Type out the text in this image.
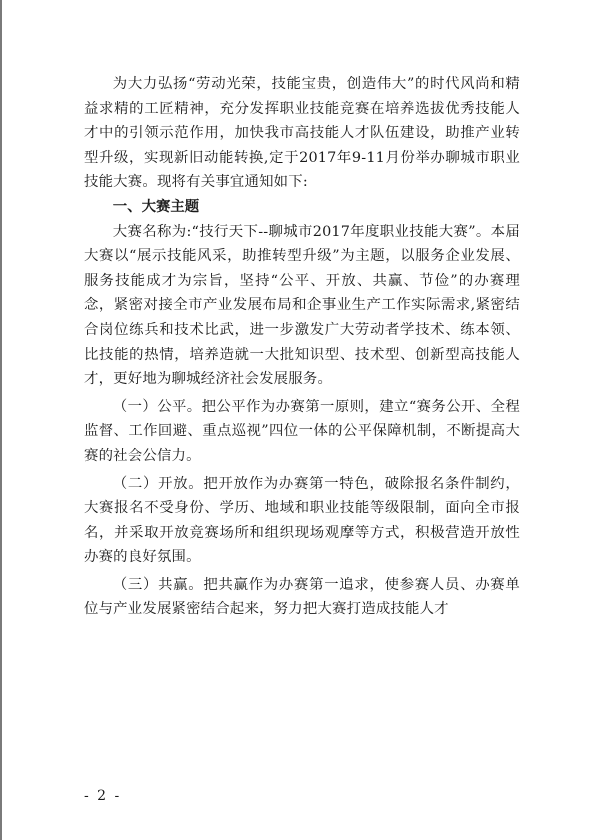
为大力弘扬“劳动光荣，技能宝贵，创造伟大”的时代风尚和精益求精的工匠精神，充分发挥职业技能竞赛在培养选拔优秀技能人才中的引领示范作用，加快我市高技能人才队伍建设，助推产业转型升级，实现新旧动能转换,定于2017年9-11月份举办聊城市职业技能大赛。现将有关事宜通知如下:

一、大赛主题

大赛名称为:“技行天下--聊城市2017年度职业技能大赛”。本届大赛以“展示技能风采，助推转型升级”为主题，以服务企业发展、服务技能成才为宗旨，坚持“公平、开放、共赢、节俭”的办赛理念，紧密对接全市产业发展布局和企事业生产工作实际需求,紧密结合岗位练兵和技术比武，进一步激发广大劳动者学技术、练本领、比技能的热情，培养造就一大批知识型、技术型、创新型高技能人才，更好地为聊城经济社会发展服务。

（一）公平。把公平作为办赛第一原则，建立“赛务公开、全程监督、工作回避、重点巡视”四位一体的公平保障机制，不断提高大赛的社会公信力。

（二）开放。把开放作为办赛第一特色，破除报名条件制约，大赛报名不受身份、学历、地域和职业技能等级限制，面向全市报名，并采取开放竞赛场所和组织现场观摩等方式，积极营造开放性办赛的良好氛围。

（三）共赢。把共赢作为办赛第一追求，使参赛人员、办赛单位与产业发展紧密结合起来，努力把大赛打造成技能人才

- 2 -
